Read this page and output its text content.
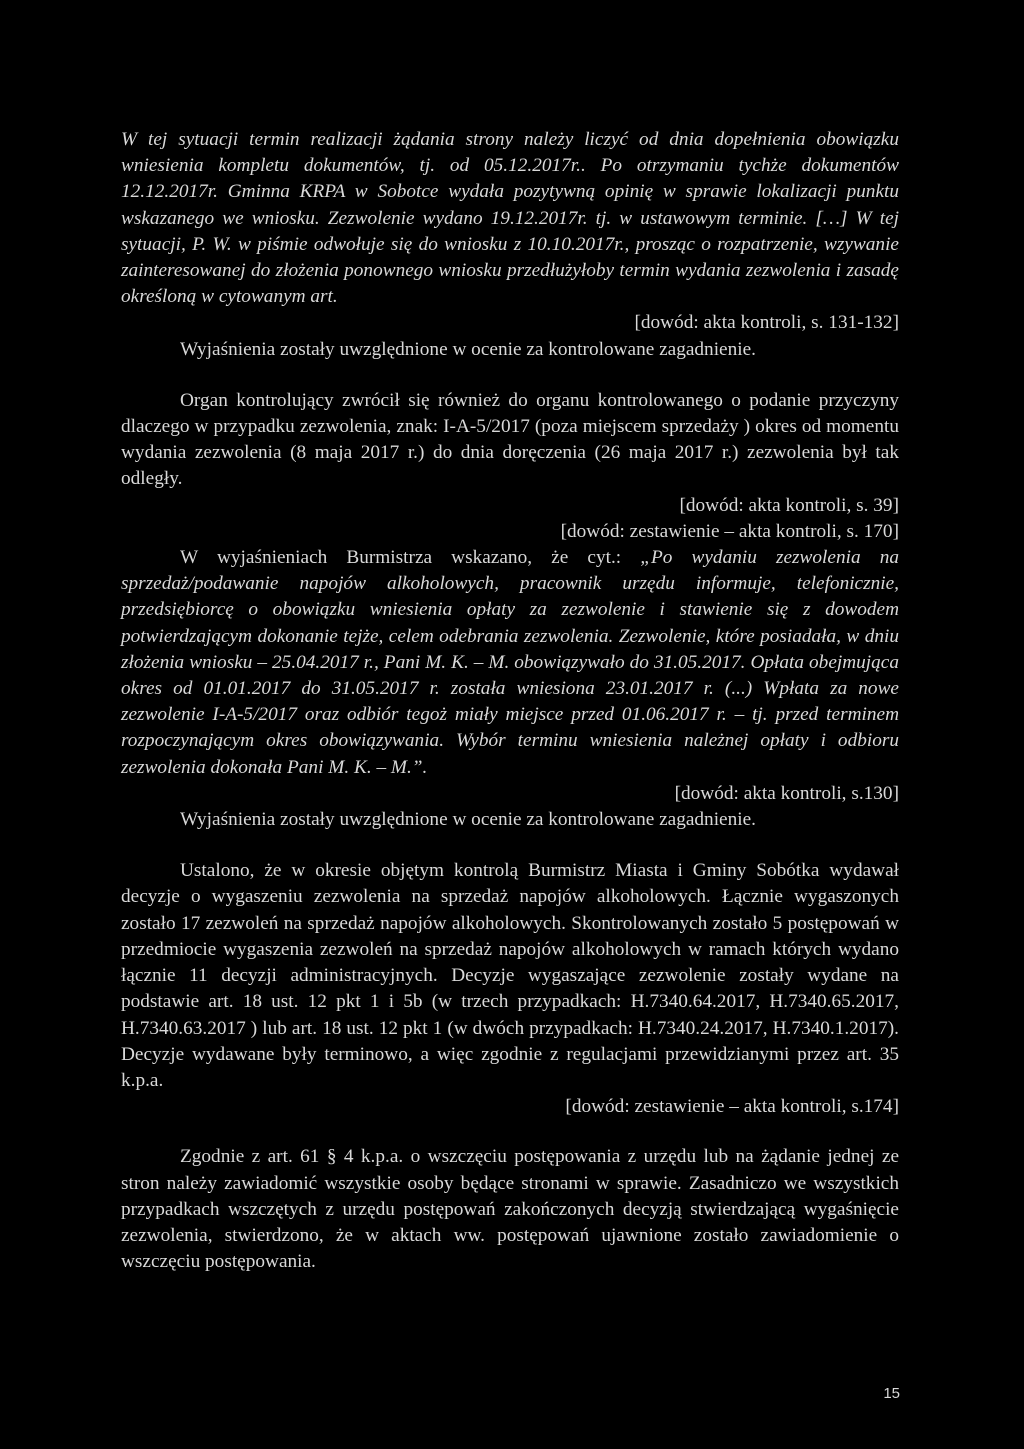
W tej sytuacji termin realizacji żądania strony należy liczyć od dnia dopełnienia obowiązku wniesienia kompletu dokumentów, tj. od 05.12.2017r.. Po otrzymaniu tychże dokumentów 12.12.2017r. Gminna KRPA w Sobotce wydała pozytywną opinię w sprawie lokalizacji punktu wskazanego we wniosku. Zezwolenie wydano 19.12.2017r. tj. w ustawowym terminie. […] W tej sytuacji, P. W. w piśmie odwołuje się do wniosku z 10.10.2017r., prosząc o rozpatrzenie, wzywanie zainteresowanej do złożenia ponownego wniosku przedłużyłoby termin wydania zezwolenia i zasadę określoną w cytowanym art.

[dowód: akta kontroli, s. 131-132]

Wyjaśnienia zostały uwzględnione w ocenie za kontrolowane zagadnienie.

Organ kontrolujący zwrócił się również do organu kontrolowanego o podanie przyczyny dlaczego w przypadku zezwolenia, znak: I-A-5/2017 (poza miejscem sprzedaży ) okres od momentu wydania zezwolenia (8 maja 2017 r.) do dnia doręczenia (26 maja 2017 r.) zezwolenia był tak odległy.

[dowód: akta kontroli, s. 39]

[dowód: zestawienie – akta kontroli, s. 170]

W wyjaśnieniach Burmistrza wskazano, że cyt.: „Po wydaniu zezwolenia na sprzedaż/podawanie napojów alkoholowych, pracownik urzędu informuje, telefonicznie, przedsiębiorcę o obowiązku wniesienia opłaty za zezwolenie i stawienie się z dowodem potwierdzającym dokonanie tejże, celem odebrania zezwolenia. Zezwolenie, które posiadała, w dniu złożenia wniosku – 25.04.2017 r., Pani M. K. – M. obowiązywało do 31.05.2017. Opłata obejmująca okres od 01.01.2017 do 31.05.2017 r. została wniesiona 23.01.2017 r. (...) Wpłata za nowe zezwolenie I-A-5/2017 oraz odbiór tegoż miały miejsce przed 01.06.2017 r. – tj. przed terminem rozpoczynającym okres obowiązywania. Wybór terminu wniesienia należnej opłaty i odbioru zezwolenia dokonała Pani M. K. – M.”.

[dowód: akta kontroli, s.130]

Wyjaśnienia zostały uwzględnione w ocenie za kontrolowane zagadnienie.

Ustalono, że w okresie objętym kontrolą Burmistrz Miasta i Gminy Sobótka wydawał decyzje o wygaszeniu zezwolenia na sprzedaż napojów alkoholowych. Łącznie wygaszonych zostało 17 zezwoleń na sprzedaż napojów alkoholowych. Skontrolowanych zostało 5 postępowań w przedmiocie wygaszenia zezwoleń na sprzedaż napojów alkoholowych w ramach których wydano łącznie 11 decyzji administracyjnych. Decyzje wygaszające zezwolenie zostały wydane na podstawie art. 18 ust. 12 pkt 1 i 5b (w trzech przypadkach: H.7340.64.2017, H.7340.65.2017, H.7340.63.2017 ) lub art. 18 ust. 12 pkt 1 (w dwóch przypadkach: H.7340.24.2017, H.7340.1.2017). Decyzje wydawane były terminowo, a więc zgodnie z regulacjami przewidzianymi przez art. 35 k.p.a.

[dowód: zestawienie – akta kontroli, s.174]

Zgodnie z art. 61 § 4 k.p.a. o wszczęciu postępowania z urzędu lub na żądanie jednej ze stron należy zawiadomić wszystkie osoby będące stronami w sprawie. Zasadniczo we wszystkich przypadkach wszczętych z urzędu postępowań zakończonych decyzją stwierdzającą wygaśnięcie zezwolenia, stwierdzono, że w aktach ww. postępowań ujawnione zostało zawiadomienie o wszczęciu postępowania.

15
